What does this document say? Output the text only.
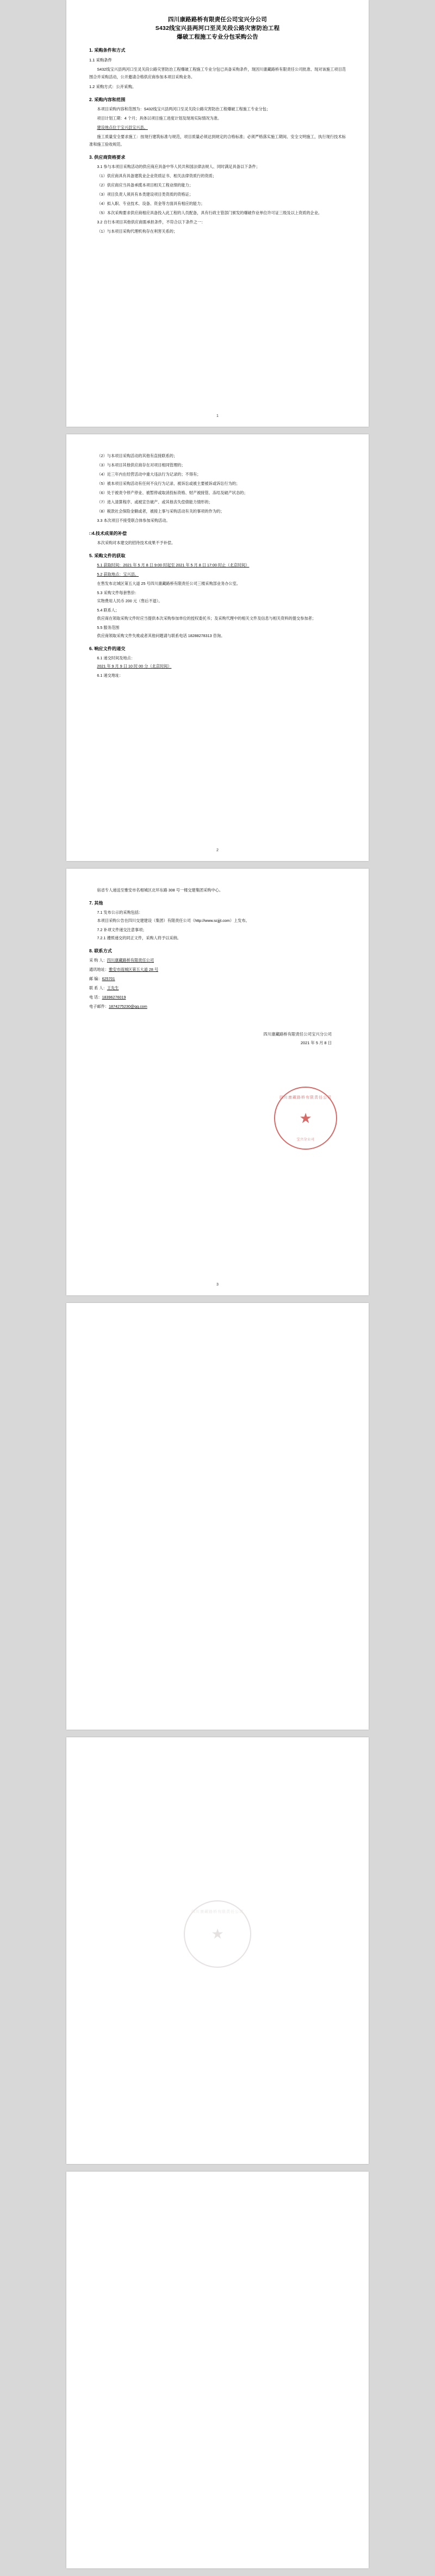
四川康路路桥有限责任公司宝兴分公司
S432线宝兴县两河口至灵关段公路灾害防治工程
爆破工程施工专业分包采购公告
1. 采购条件和方式
1.1 采购条件
S432线宝兴县两河口至灵关段公路灾害防治工程爆破工程施工专业分包已具备采购条件，现因川康藏路桥有限责任公司批准、现对该施工项目范围合并采购活动，公开邀请合格供应商参加本项目采购业务。
1.2 采购方式：公开采购。
2. 采购内容和范围
本项目采购内容和范围为：S432线宝兴县两河口至灵关段公路灾害防治工程爆破工程施工专业分包；
项目计划工期：4 个月；具体以项目施工进度计划及现场实际情况为准。
建设地点位于宝兴县宝兴县。
施工质量安全要求施工：按现行建筑标准与规范，项目质量必须达到规定的合格标准；必须严格落实施工期间、安全文明施工，执行现行技术标准和施工验收规范。
3. 供应商资格要求
3.1 参与本项目采购活动的供应商应具备中华人民共和国法律法规人、同时满足具备以下条件；
（1）供应商具有具备建筑业企业资质证书、相关法律资质行的资质；
（2）供应商应当具备承揽本项目相关工程业绩的能力；
（3）项目负责人须具有本类建设项目类资质的资格证；
（4）拟入职、专业技术、设备、资金等方面具有相应的能力；
（5）本次采购要求供应商相应具备投入此工程的人员配备，具有行政主管部门颁发的爆破作业单位许可证三级及以上资质的企业。
3.2 自行本项目其他供应商需承担条件，不符合以下条件之一：
（1）与本项目采购代理机构存在利害关系的；
1
（2）与本项目采购活动的其他有直接联系的；
（3）与本项目其他供应商存在对项目相同管理的；
（4）近三年内在经营活动中重大违法行为记录的；不得有；
（5）被本项目采购活动有任何不良行为记录、被诉讼或被主要被诉或诉讼行为的；
（6）处于被责令停产停业、被暂停或取消投标资格、财产被接管、冻结及破产状态的；
（7）进入清算程序、或被宣告破产、或其他丧失偿债能力情形的；
（8）税款社会保险金额或者，被接上事与采购活动有关的事项的作为的；
3.3 本次项目不接受联合体参加采购活动。
□4.技术成果的补偿
本次采购对本建交的招待技术成果不予补偿。
5. 采购文件的获取
5.1 获取时间：2021 年 5 月 8 日 9:00 时起至 2021 年 5 月 8 日 17:00 时止（北京时间）
5.2 获取地点：宝兴县。
在售发布北城区第五大道 25 号四川康藏路桥有限责任公司三楼采购部业务办公室。
5.3 采购文件每套售价：
实物费用人民币 200 元（售后不退）。
5.4 联系人；
供应商在领取采购文件时应当提供本次采购参加单位的授权委托书；及采购代理中的相关文件及信息与相关资料的提交参加者；
5.5 服务范围
供应商领取采购文件失败或者其他问题请与联系电话 18288278313 咨询。
6. 响应文件的递交
6.1 递交时间及地点：
2021 年 9 月 9 日 10 时 00 分（北京时间）
6.1 递交地址：
2
宿省专人递送至雅安市名相城区北环东路 308 号一楼交建集团采购中心。
7. 其他
7.1 发布公示的采购包括：
本项目采购公告在四川交建建设（集团）有限责任公司（http://www.scjjjt.com）上发布。
7.2 补项文件递交注意事项；
7.2.1 遵照递交的同正文件，采购人将予以采纳。
8. 联系方式
采 购 人：四川康藏路桥有限责任公司
通讯地址：雅安市雨城区第五大道 28 号
邮 编：625701
联 系 人：王先生
电 话：18396276019
电子邮件：1874275230@qq.com
四川康藏路桥有限责任公司
★
宝兴分公司
四川康藏路桥有限责任公司宝兴分公司
2021 年 5 月 8 日
3
四川康藏路桥有限责任公司
★
